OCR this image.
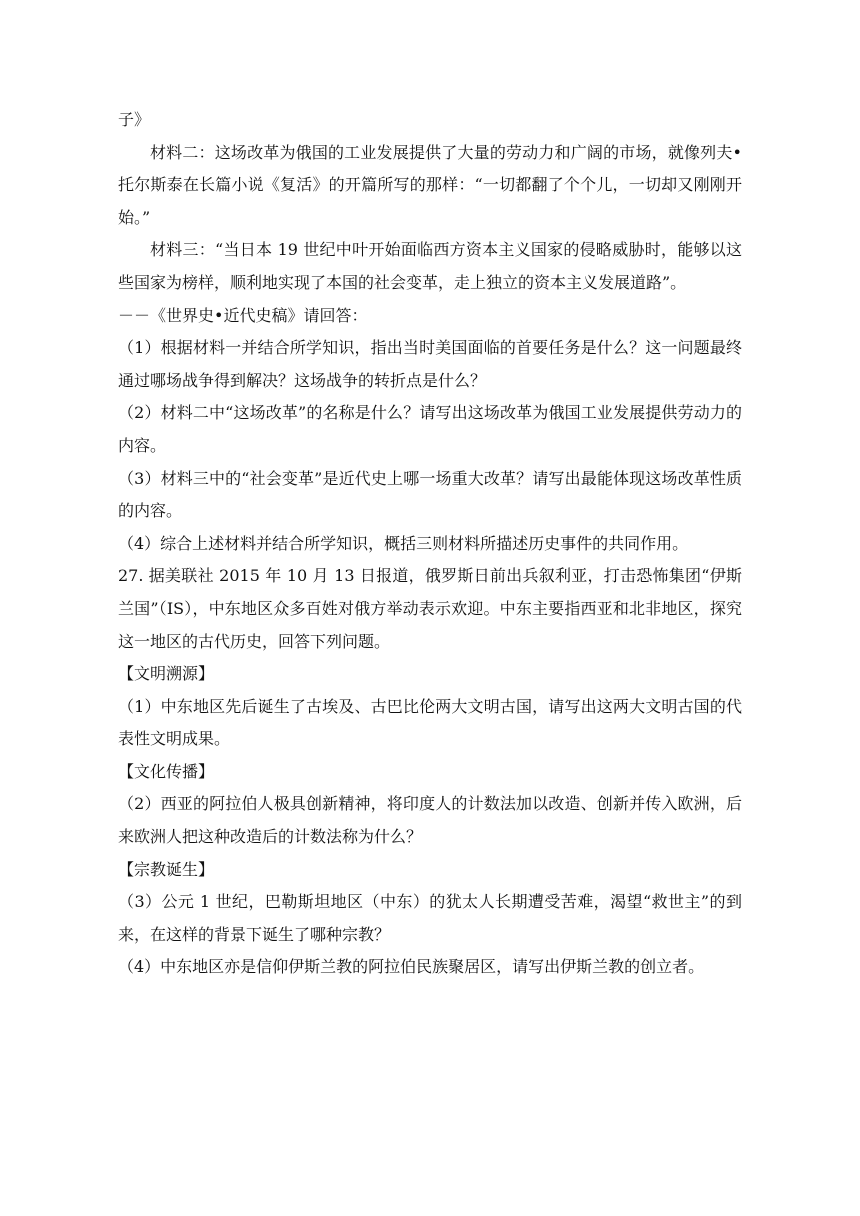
子》

材料二：这场改革为俄国的工业发展提供了大量的劳动力和广阔的市场，就像列夫•托尔斯泰在长篇小说《复活》的开篇所写的那样：“一切都翻了个个儿，一切却又刚刚开始。”

材料三：“当日本 19 世纪中叶开始面临西方资本主义国家的侵略威胁时，能够以这些国家为榜样，顺利地实现了本国的社会变革，走上独立的资本主义发展道路”。

－－《世界史•近代史稿》请回答：

（1）根据材料一并结合所学知识，指出当时美国面临的首要任务是什么？这一问题最终通过哪场战争得到解决？这场战争的转折点是什么？

（2）材料二中“这场改革”的名称是什么？请写出这场改革为俄国工业发展提供劳动力的内容。

（3）材料三中的“社会变革”是近代史上哪一场重大改革？请写出最能体现这场改革性质的内容。

（4）综合上述材料并结合所学知识，概括三则材料所描述历史事件的共同作用。

27. 据美联社 2015 年 10 月 13 日报道，俄罗斯日前出兵叙利亚，打击恐怖集团“伊斯兰国”（IS），中东地区众多百姓对俄方举动表示欢迎。中东主要指西亚和北非地区，探究这一地区的古代历史，回答下列问题。

【文明溯源】

（1）中东地区先后诞生了古埃及、古巴比伦两大文明古国，请写出这两大文明古国的代表性文明成果。

【文化传播】

（2）西亚的阿拉伯人极具创新精神，将印度人的计数法加以改造、创新并传入欧洲，后来欧洲人把这种改造后的计数法称为什么？

【宗教诞生】

（3）公元 1 世纪，巴勒斯坦地区（中东）的犹太人长期遭受苦难，渴望“救世主”的到来，在这样的背景下诞生了哪种宗教？

（4）中东地区亦是信仰伊斯兰教的阿拉伯民族聚居区，请写出伊斯兰教的创立者。
